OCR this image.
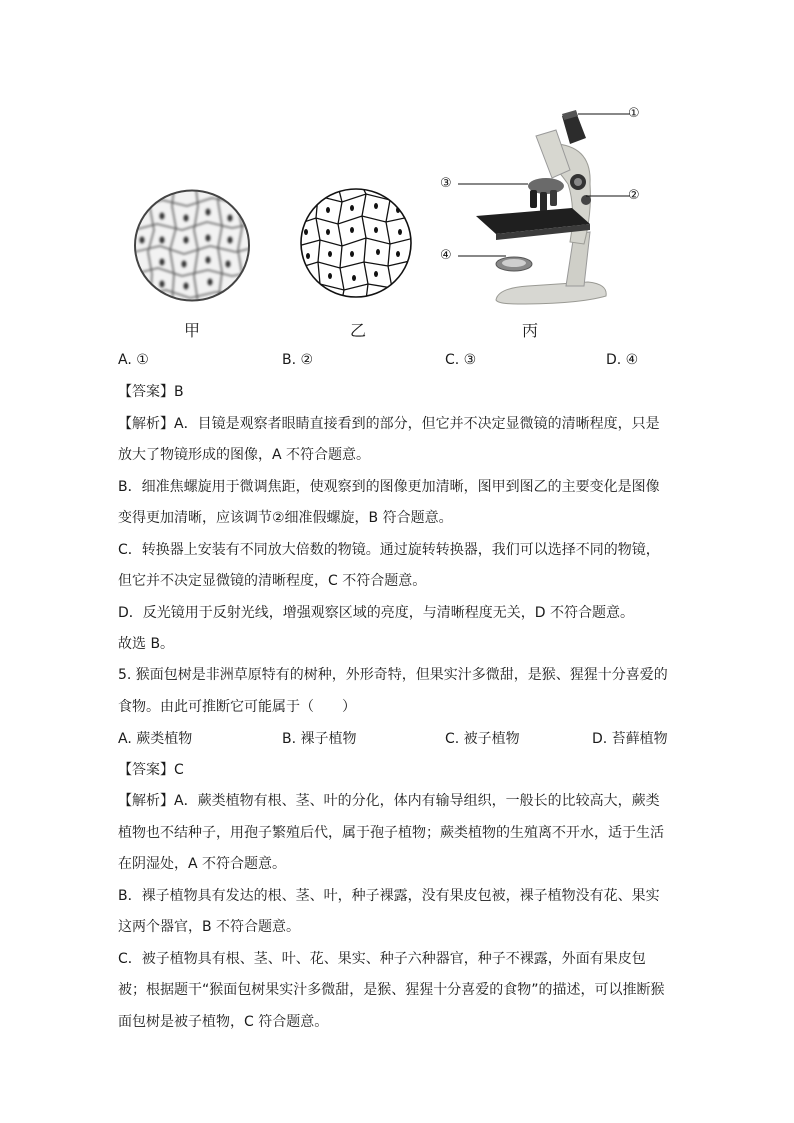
甲	乙
①
②
③
④
丙
A. ①	B. ②	C. ③	D. ④
【答案】B
【解析】A．目镜是观察者眼睛直接看到的部分，但它并不决定显微镜的清晰程度，只是
放大了物镜形成的图像，A 不符合题意。
B．细准焦螺旋用于微调焦距，使观察到的图像更加清晰，图甲到图乙的主要变化是图像
变得更加清晰，应该调节②细准假螺旋，B 符合题意。
C．转换器上安装有不同放大倍数的物镜。通过旋转转换器，我们可以选择不同的物镜，
但它并不决定显微镜的清晰程度，C 不符合题意。
D．反光镜用于反射光线，增强观察区域的亮度，与清晰程度无关，D 不符合题意。
故选 B。
5. 猴面包树是非洲草原特有的树种，外形奇特，但果实汁多微甜，是猴、猩猩十分喜爱的
食物。由此可推断它可能属于（　　）
A. 蕨类植物	B. 裸子植物	C. 被子植物	D. 苔藓植物
【答案】C
【解析】A．蕨类植物有根、茎、叶的分化，体内有输导组织，一般长的比较高大，蕨类
植物也不结种子，用孢子繁殖后代，属于孢子植物；蕨类植物的生殖离不开水，适于生活
在阴湿处，A 不符合题意。
B．裸子植物具有发达的根、茎、叶，种子裸露，没有果皮包被，裸子植物没有花、果实
这两个器官，B 不符合题意。
C．被子植物具有根、茎、叶、花、果实、种子六种器官，种子不裸露，外面有果皮包
被；根据题干“猴面包树果实汁多微甜，是猴、猩猩十分喜爱的食物”的描述，可以推断猴
面包树是被子植物，C 符合题意。
